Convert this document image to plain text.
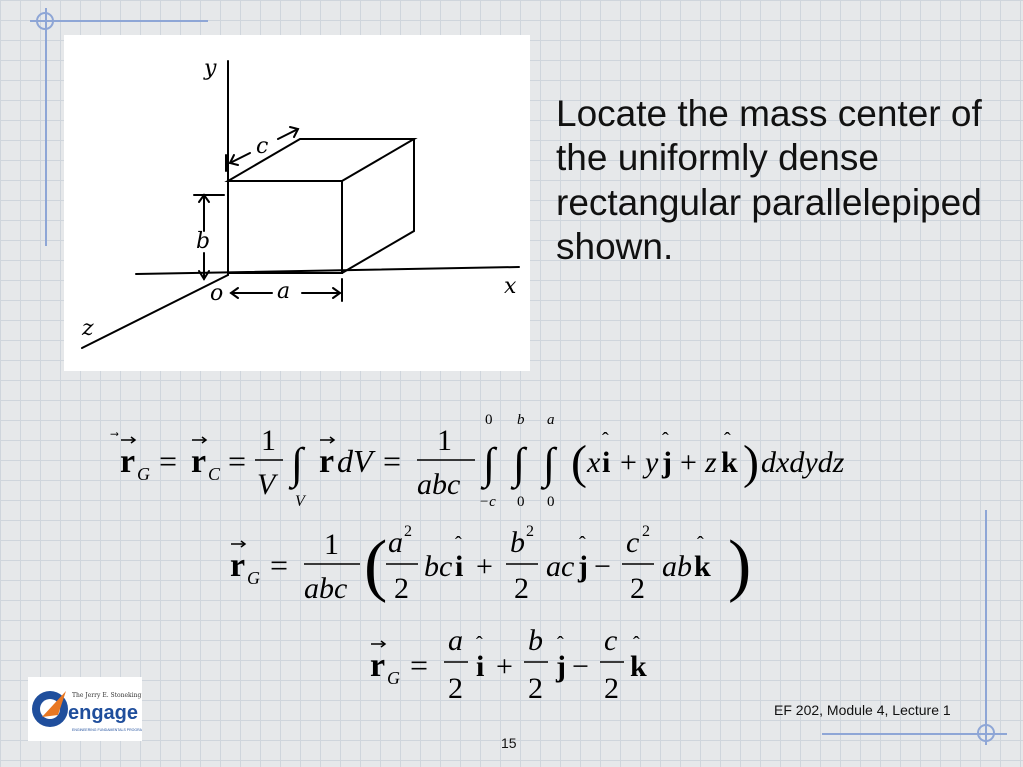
y
x
z
o a
b
c
Locate the mass center of the uniformly dense rectangular parallelepiped shown.
r G = r C =
1
V ∫
V
r dV =
1
abc ∫
0
−c
∫
b
0
∫
a
0
( x i
ˆ
+ y j
ˆ
+ z k
ˆ ) dxdydz
r G =
1
abc ( a 2
2
bc i
ˆ
+
b 2
2
ac j
ˆ
−
c 2
2
ab k
ˆ )
r G =
a
2
i
ˆ
+
b
2
j
ˆ
−
c
2
k
ˆ
The Jerry E. Stoneking
engage
ENGINEERING FUNDAMENTALS PROGRAM
EF 202, Module 4, Lecture 1
15
